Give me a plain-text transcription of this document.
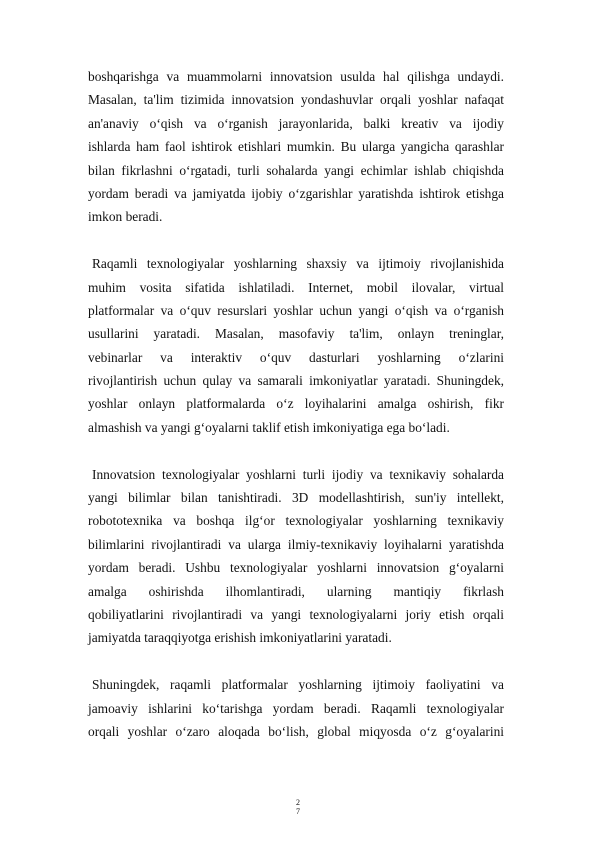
boshqarishga va muammolarni innovatsion usulda hal qilishga undaydi.
Masalan, ta'lim tizimida innovatsion yondashuvlar orqali yoshlar nafaqat
an'anaviy o‘qish va o‘rganish jarayonlarida, balki kreativ va ijodiy
ishlarda ham faol ishtirok etishlari mumkin. Bu ularga yangicha qarashlar
bilan fikrlashni o‘rgatadi, turli sohalarda yangi echimlar ishlab chiqishda
yordam beradi va jamiyatda ijobiy o‘zgarishlar yaratishda ishtirok etishga
imkon beradi.
Raqamli texnologiyalar yoshlarning shaxsiy va ijtimoiy rivojlanishida
muhim vosita sifatida ishlatiladi. Internet, mobil ilovalar, virtual
platformalar va o‘quv resurslari yoshlar uchun yangi o‘qish va o‘rganish
usullarini yaratadi. Masalan, masofaviy ta'lim, onlayn treninglar,
vebinarlar va interaktiv o‘quv dasturlari yoshlarning o‘zlarini
rivojlantirish uchun qulay va samarali imkoniyatlar yaratadi. Shuningdek,
yoshlar onlayn platformalarda o‘z loyihalarini amalga oshirish, fikr
almashish va yangi g‘oyalarni taklif etish imkoniyatiga ega bo‘ladi.
Innovatsion texnologiyalar yoshlarni turli ijodiy va texnikaviy sohalarda
yangi bilimlar bilan tanishtiradi. 3D modellashtirish, sun'iy intellekt,
robototexnika va boshqa ilg‘or texnologiyalar yoshlarning texnikaviy
bilimlarini rivojlantiradi va ularga ilmiy-texnikaviy loyihalarni yaratishda
yordam beradi. Ushbu texnologiyalar yoshlarni innovatsion g‘oyalarni
amalga oshirishda ilhomlantiradi, ularning mantiqiy fikrlash
qobiliyatlarini rivojlantiradi va yangi texnologiyalarni joriy etish orqali
jamiyatda taraqqiyotga erishish imkoniyatlarini yaratadi.
Shuningdek, raqamli platformalar yoshlarning ijtimoiy faoliyatini va
jamoaviy ishlarini ko‘tarishga yordam beradi. Raqamli texnologiyalar
orqali yoshlar o‘zaro aloqada bo‘lish, global miqyosda o‘z g‘oyalarini
2
7
